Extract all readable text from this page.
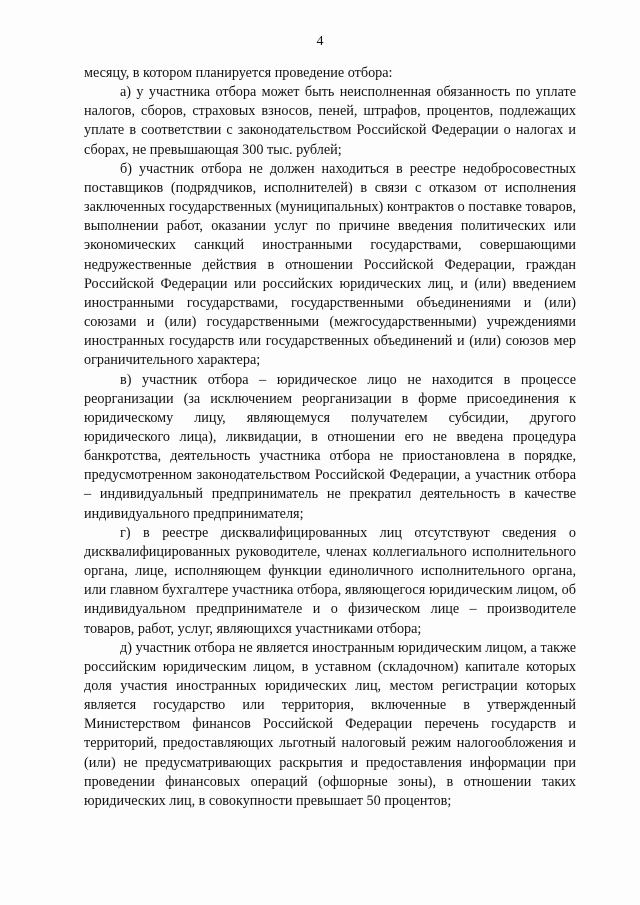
4

месяцу, в котором планируется проведение отбора:

а) у участника отбора может быть неисполненная обязанность по уплате налогов, сборов, страховых взносов, пеней, штрафов, процентов, подлежащих уплате в соответствии с законодательством Российской Федерации о налогах и сборах, не превышающая 300 тыс. рублей;

б) участник отбора не должен находиться в реестре недобросовестных поставщиков (подрядчиков, исполнителей) в связи с отказом от исполнения заключенных государственных (муниципальных) контрактов о поставке товаров, выполнении работ, оказании услуг по причине введения политических или экономических санкций иностранными государствами, совершающими недружественные действия в отношении Российской Федерации, граждан Российской Федерации или российских юридических лиц, и (или) введением иностранными государствами, государственными объединениями и (или) союзами и (или) государственными (межгосударственными) учреждениями иностранных государств или государственных объединений и (или) союзов мер ограничительного характера;

в) участник отбора – юридическое лицо не находится в процессе реорганизации (за исключением реорганизации в форме присоединения к юридическому лицу, являющемуся получателем субсидии, другого юридического лица), ликвидации, в отношении его не введена процедура банкротства, деятельность участника отбора не приостановлена в порядке, предусмотренном законодательством Российской Федерации, а участник отбора – индивидуальный предприниматель не прекратил деятельность в качестве индивидуального предпринимателя;

г) в реестре дисквалифицированных лиц отсутствуют сведения о дисквалифицированных руководителе, членах коллегиального исполнительного органа, лице, исполняющем функции единоличного исполнительного органа, или главном бухгалтере участника отбора, являющегося юридическим лицом, об индивидуальном предпринимателе и о физическом лице – производителе товаров, работ, услуг, являющихся участниками отбора;

д) участник отбора не является иностранным юридическим лицом, а также российским юридическим лицом, в уставном (складочном) капитале которых доля участия иностранных юридических лиц, местом регистрации которых является государство или территория, включенные в утвержденный Министерством финансов Российской Федерации перечень государств и территорий, предоставляющих льготный налоговый режим налогообложения и (или) не предусматривающих раскрытия и предоставления информации при проведении финансовых операций (офшорные зоны), в отношении таких юридических лиц, в совокупности превышает 50 процентов;
